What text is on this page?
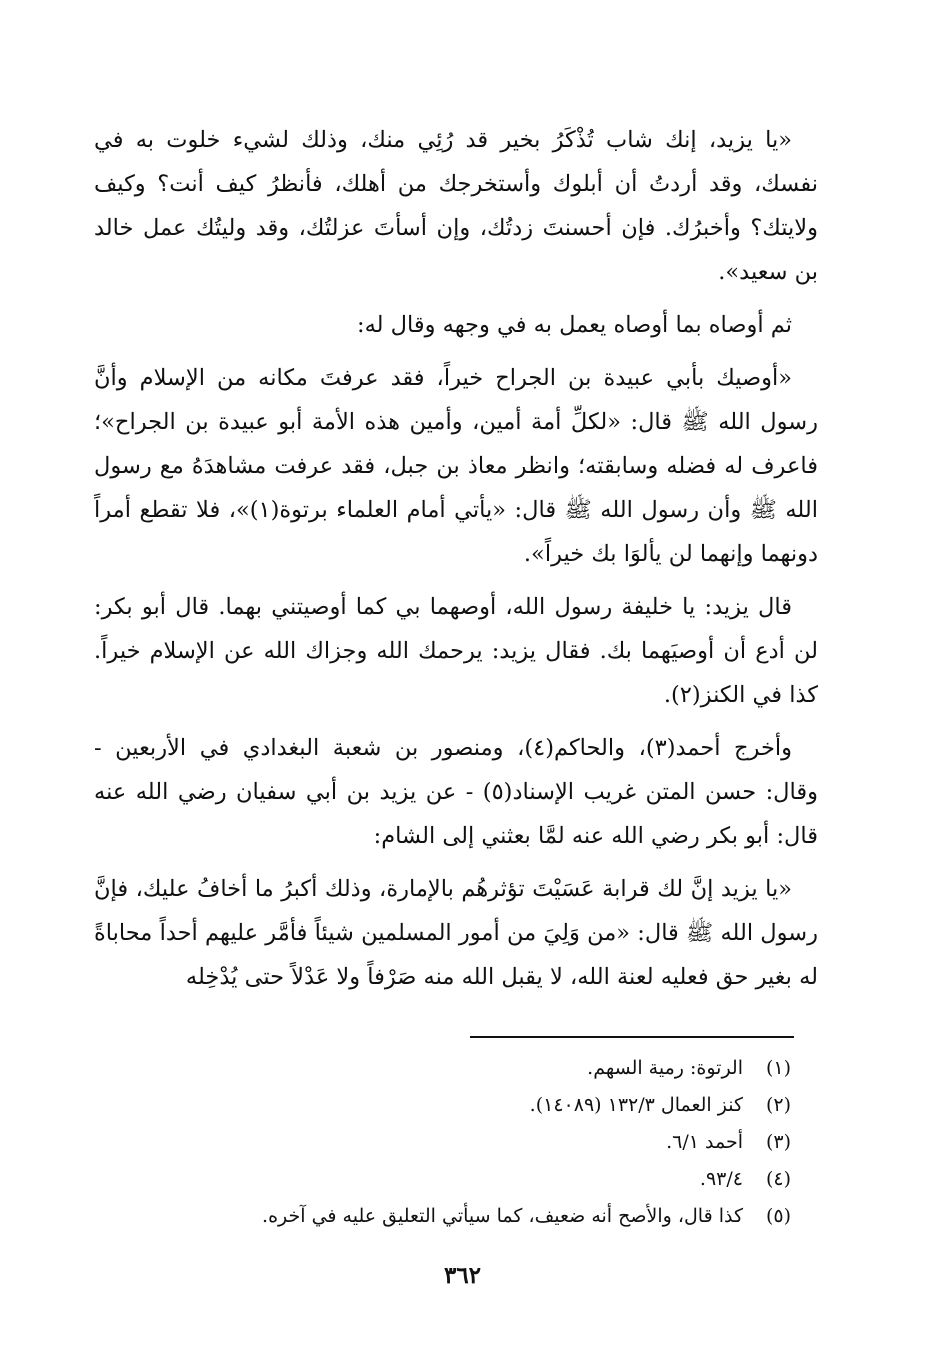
«يا يزيد، إنك شاب تُذْكَرُ بخير قد رُئِي منك، وذلك لشيء خلوت به في نفسك، وقد أردتُ أن أبلوك وأستخرجك من أهلك، فأنظرُ كيف أنت؟ وكيف ولايتك؟ وأخبرُك. فإن أحسنتَ زدتُك، وإن أسأتَ عزلتُك، وقد وليتُك عمل خالد بن سعيد».

ثم أوصاه بما أوصاه يعمل به في وجهه وقال له:

«أوصيك بأبي عبيدة بن الجراح خيراً، فقد عرفتَ مكانه من الإسلام وأنَّ رسول الله ﷺ قال: «لكلِّ أمة أمين، وأمين هذه الأمة أبو عبيدة بن الجراح»؛ فاعرف له فضله وسابقته؛ وانظر معاذ بن جبل، فقد عرفت مشاهدَهُ مع رسول الله ﷺ وأن رسول الله ﷺ قال: «يأتي أمام العلماء برتوة(١)»، فلا تقطع أمراً دونهما وإنهما لن يألوَا بك خيراً».

قال يزيد: يا خليفة رسول الله، أوصهما بي كما أوصيتني بهما. قال أبو بكر: لن أدع أن أوصيَهما بك. فقال يزيد: يرحمك الله وجزاك الله عن الإسلام خيراً. كذا في الكنز(٢).

وأخرج أحمد(٣)، والحاكم(٤)، ومنصور بن شعبة البغدادي في الأربعين - وقال: حسن المتن غريب الإسناد(٥) - عن يزيد بن أبي سفيان رضي الله عنه قال: أبو بكر رضي الله عنه لمَّا بعثني إلى الشام:

«يا يزيد إنَّ لك قرابة عَسَيْتَ تؤثرهُم بالإمارة، وذلك أكبرُ ما أخافُ عليك، فإنَّ رسول الله ﷺ قال: «من وَلِيَ من أمور المسلمين شيئاً فأمَّر عليهم أحداً محاباةً له بغير حق فعليه لعنة الله، لا يقبل الله منه صَرْفاً ولا عَدْلاً حتى يُدْخِله

(١)
الرتوة: رمية السهم.
(٢)
كنز العمال ١٣٢/٣ (١٤٠٨٩).
(٣)
أحمد ٦/١.
(٤)
٩٣/٤.
(٥)
كذا قال، والأصح أنه ضعيف، كما سيأتي التعليق عليه في آخره.
٣٦٢
